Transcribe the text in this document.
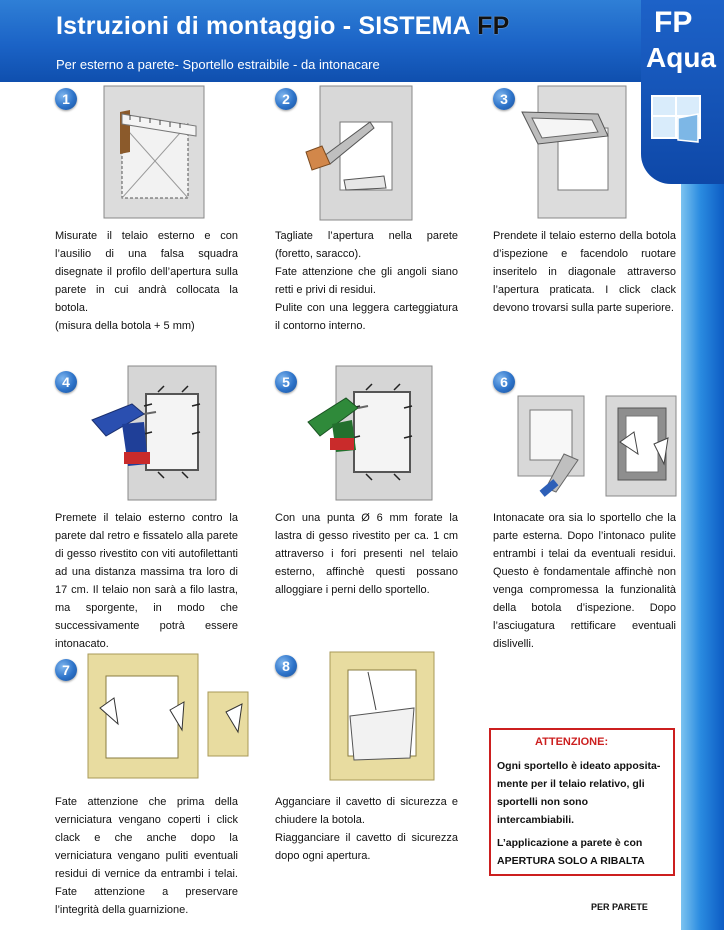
Istruzioni di montaggio - SISTEMA FP
Per esterno a parete- Sportello estraibile - da intonacare
FP
Aqua
1

Misurate il telaio esterno e con l’ausilio di una falsa squadra disegnate il profilo dell’apertura sulla parete in cui andrà collocata la botola.

(misura della botola + 5 mm)

2

Tagliate l’apertura nella parete (foretto, saracco).

Fate attenzione che gli angoli siano retti e privi di residui.

Pulite con una leggera carteggiatura il contorno interno.

3

Prendete il telaio esterno della botola d’ispezione e facendolo ruotare inseritelo in diagonale attraverso l’apertura praticata. I click clack devono trovarsi sulla parte superiore.

4

Premete il telaio esterno contro la parete dal retro e fissatelo alla parete di gesso rivestito con viti autofilettanti ad una distanza massima tra loro di 17 cm. Il telaio non sarà a filo lastra, ma sporgente, in modo che successivamente potrà essere intonacato.

5

Con una punta Ø 6 mm forate la lastra di gesso rivestito per ca. 1 cm attraverso i fori presenti nel telaio esterno, affinchè questi possano alloggiare i perni dello sportello.

6

Intonacate ora sia lo sportello che la parte esterna. Dopo l’intonaco pulite entrambi i telai da eventuali residui. Questo è fondamentale affinchè non venga compromessa la funzionalità della botola d’ispezione. Dopo l’asciugatura rettificare eventuali dislivelli.

7

Fate attenzione che prima della verniciatura vengano coperti i click clack e che anche dopo la verniciatura vengano puliti eventuali residui di vernice da entrambi i telai. Fate attenzione a preservare l’integrità della guarnizione.

8

Agganciare il cavetto di sicurezza e chiudere la botola.

Riagganciare il cavetto di sicurezza dopo ogni apertura.

ATTENZIONE:

Ogni sportello è ideato apposita-mente per il telaio relativo, gli sportelli non sono intercambiabili.

L’applicazione a parete è con APERTURA SOLO A RIBALTA

PER PARETE
